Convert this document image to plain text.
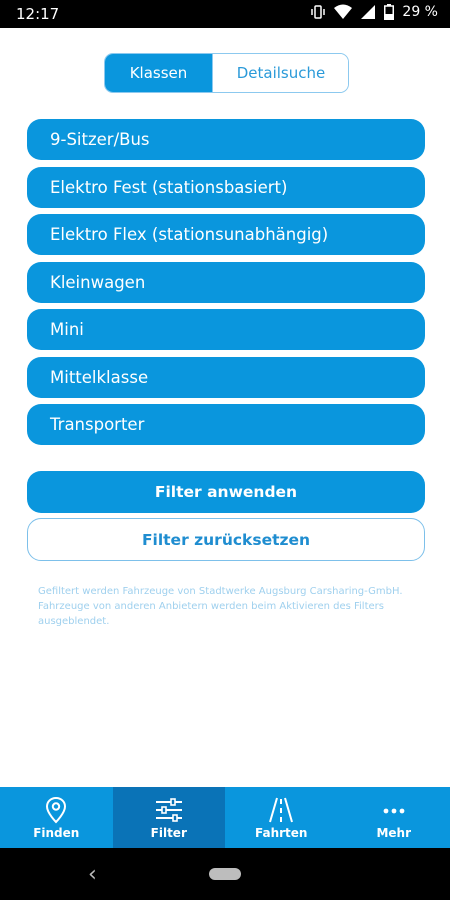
12:17	29 %
Klassen	Detailsuche
9-Sitzer/Bus
Elektro Fest (stationsbasiert)
Elektro Flex (stationsunabhängig)
Kleinwagen
Mini
Mittelklasse
Transporter
Filter anwenden
Filter zurücksetzen
Gefiltert werden Fahrzeuge von Stadtwerke Augsburg Carsharing-GmbH. Fahrzeuge von anderen Anbietern werden beim Aktivieren des Filters ausgeblendet.
Finden	Filter	Fahrten	Mehr
‹
